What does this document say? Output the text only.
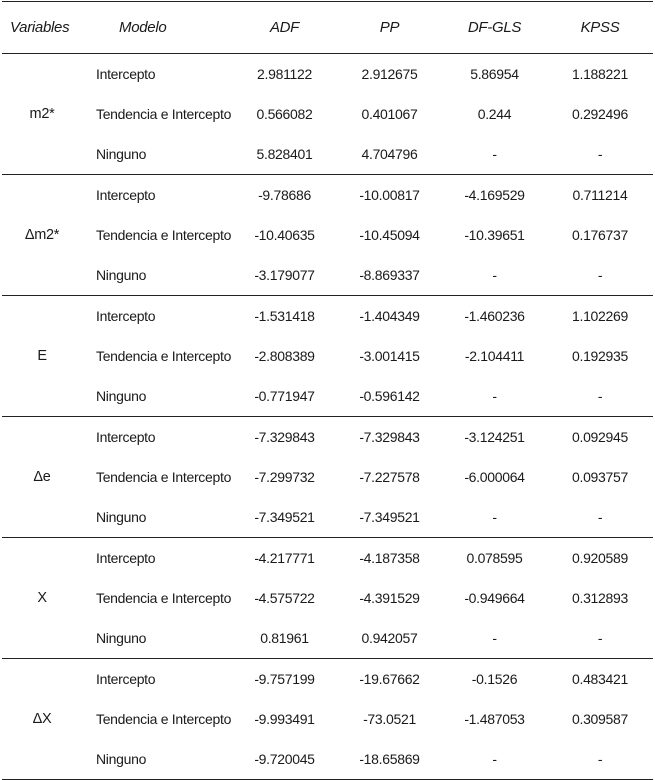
Variables	Modelo	ADF	PP	DF-GLS	KPSS
m2*	Intercepto	2.981122	2.912675	5.86954	1.188221
	Tendencia e Intercepto	0.566082	0.401067	0.244	0.292496
	Ninguno	5.828401	4.704796	-	-
Δm2*	Intercepto	-9.78686	-10.00817	-4.169529	0.711214
	Tendencia e Intercepto	-10.40635	-10.45094	-10.39651	0.176737
	Ninguno	-3.179077	-8.869337	-	-
E	Intercepto	-1.531418	-1.404349	-1.460236	1.102269
	Tendencia e Intercepto	-2.808389	-3.001415	-2.104411	0.192935
	Ninguno	-0.771947	-0.596142	-	-
Δe	Intercepto	-7.329843	-7.329843	-3.124251	0.092945
	Tendencia e Intercepto	-7.299732	-7.227578	-6.000064	0.093757
	Ninguno	-7.349521	-7.349521	-	-
X	Intercepto	-4.217771	-4.187358	0.078595	0.920589
	Tendencia e Intercepto	-4.575722	-4.391529	-0.949664	0.312893
	Ninguno	0.81961	0.942057	-	-
ΔX	Intercepto	-9.757199	-19.67662	-0.1526	0.483421
	Tendencia e Intercepto	-9.993491	-73.0521	-1.487053	0.309587
	Ninguno	-9.720045	-18.65869	-	-
